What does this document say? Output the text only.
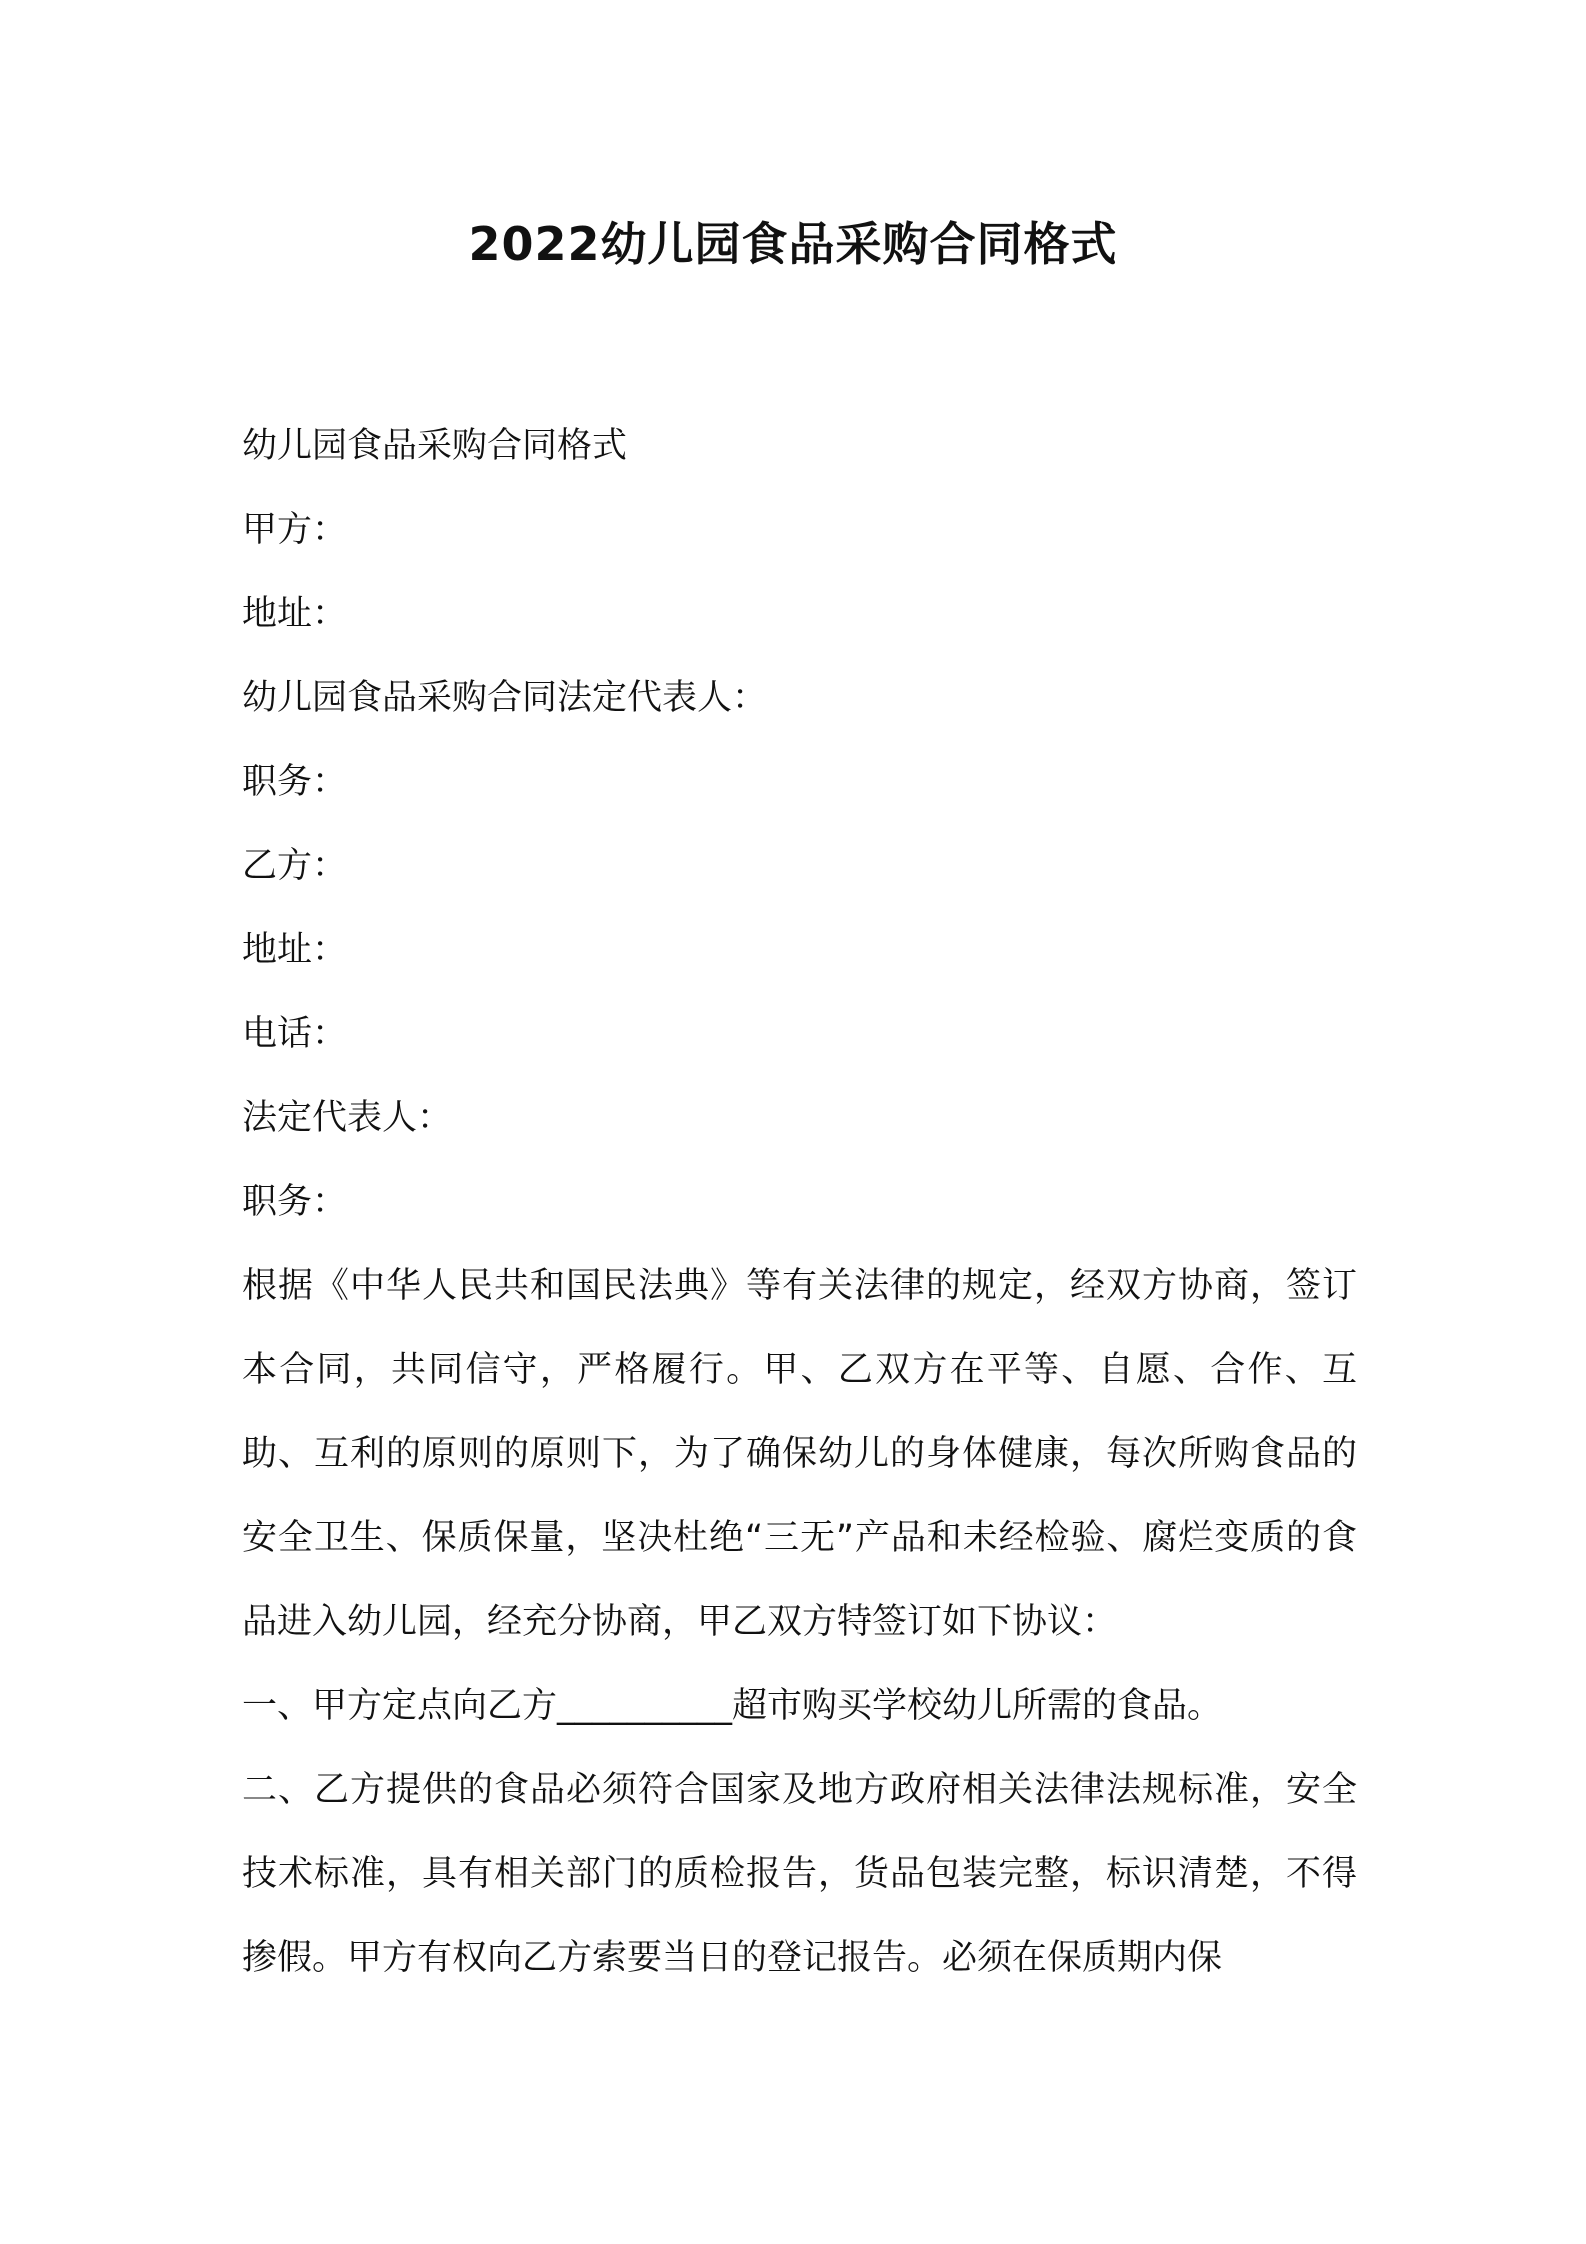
2022幼儿园食品采购合同格式

幼儿园食品采购合同格式

甲方：

地址：

幼儿园食品采购合同法定代表人：

职务：

乙方：

地址：

电话：

法定代表人：

职务：

根据《中华人民共和国民法典》等有关法律的规定，经双方协商，签订本合同，共同信守，严格履行。甲、乙双方在平等、自愿、合作、互助、互利的原则的原则下，为了确保幼儿的身体健康，每次所购食品的安全卫生、保质保量，坚决杜绝“三无”产品和未经检验、腐烂变质的食品进入幼儿园，经充分协商，甲乙双方特签订如下协议：

一、甲方定点向乙方__________超市购买学校幼儿所需的食品。

二、乙方提供的食品必须符合国家及地方政府相关法律法规标准，安全技术标准，具有相关部门的质检报告，货品包装完整，标识清楚，不得掺假。甲方有权向乙方索要当日的登记报告。必须在保质期内保
